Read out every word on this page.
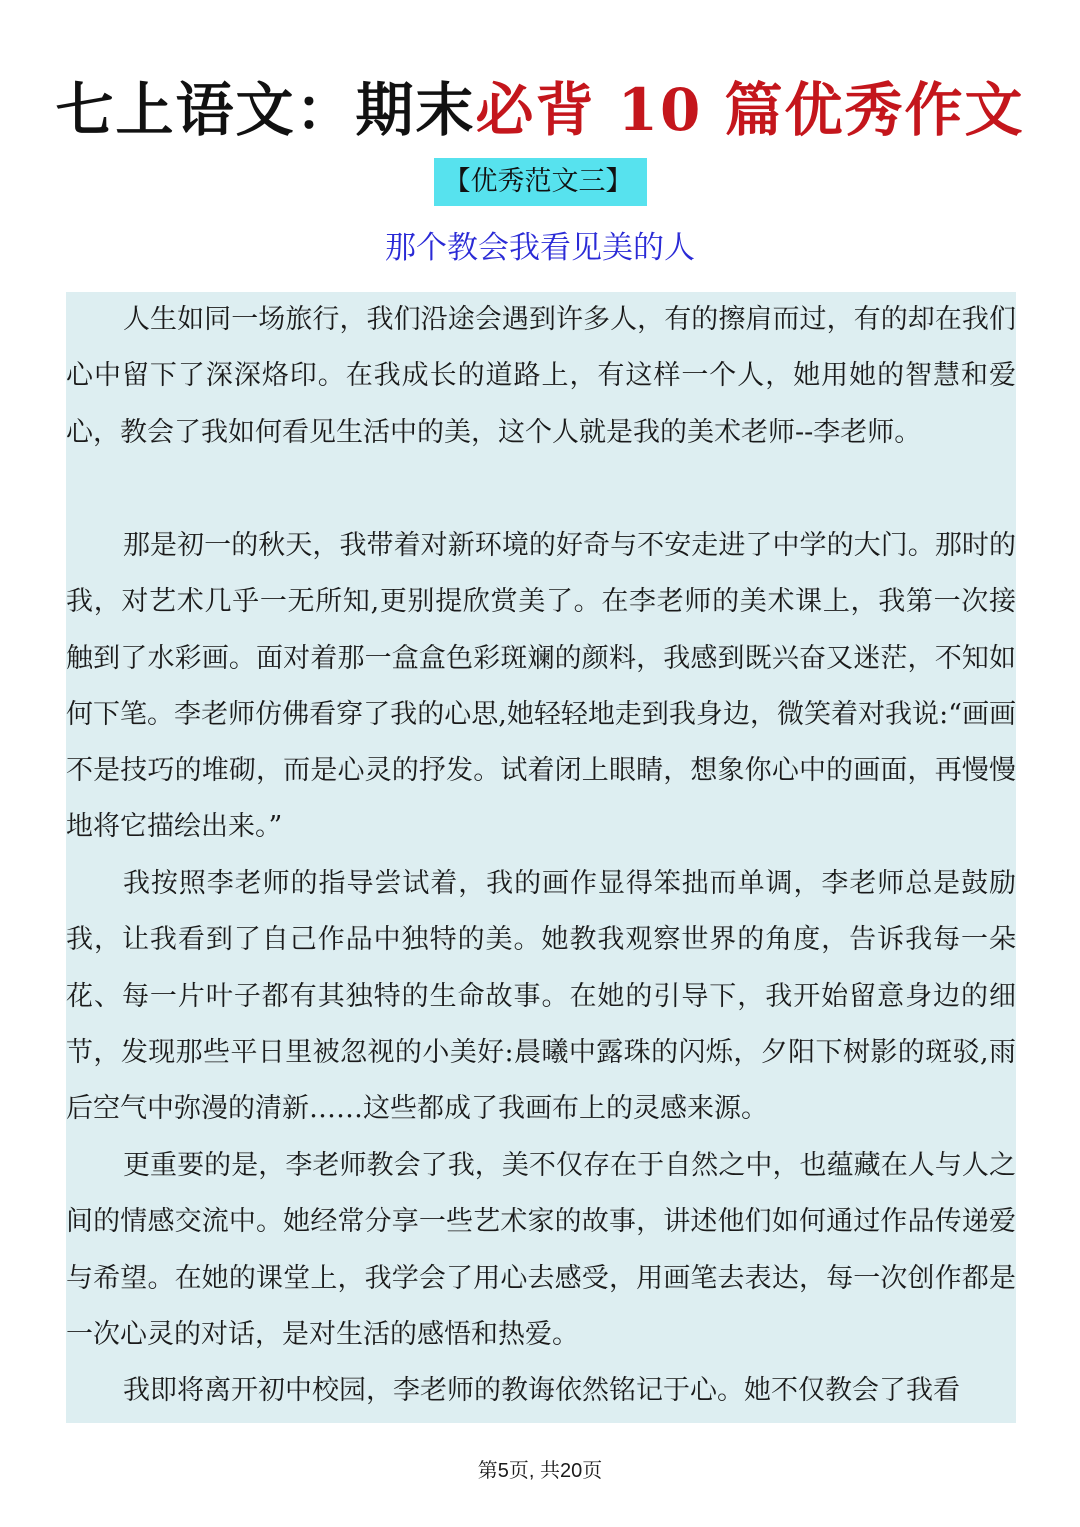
七上语文：期末必背 10 篇优秀作文
【优秀范文三】
那个教会我看见美的人

人生如同一场旅行，我们沿途会遇到许多人，有的擦肩而过，有的却在我们心中留下了深深烙印。在我成长的道路上，有这样一个人，她用她的智慧和爱心，教会了我如何看见生活中的美，这个人就是我的美术老师--李老师。

那是初一的秋天，我带着对新环境的好奇与不安走进了中学的大门。那时的我，对艺术几乎一无所知,更别提欣赏美了。在李老师的美术课上，我第一次接触到了水彩画。面对着那一盒盒色彩斑斓的颜料，我感到既兴奋又迷茫，不知如何下笔。李老师仿佛看穿了我的心思,她轻轻地走到我身边，微笑着对我说:“画画不是技巧的堆砌，而是心灵的抒发。试着闭上眼睛，想象你心中的画面，再慢慢地将它描绘出来。”

我按照李老师的指导尝试着，我的画作显得笨拙而单调，李老师总是鼓励我，让我看到了自己作品中独特的美。她教我观察世界的角度，告诉我每一朵花、每一片叶子都有其独特的生命故事。在她的引导下，我开始留意身边的细节，发现那些平日里被忽视的小美好:晨曦中露珠的闪烁，夕阳下树影的斑驳,雨后空气中弥漫的清新……这些都成了我画布上的灵感来源。

更重要的是，李老师教会了我，美不仅存在于自然之中，也蕴藏在人与人之间的情感交流中。她经常分享一些艺术家的故事，讲述他们如何通过作品传递爱与希望。在她的课堂上，我学会了用心去感受，用画笔去表达，每一次创作都是一次心灵的对话，是对生活的感悟和热爱。

我即将离开初中校园，李老师的教诲依然铭记于心。她不仅教会了我看

第5页, 共20页
